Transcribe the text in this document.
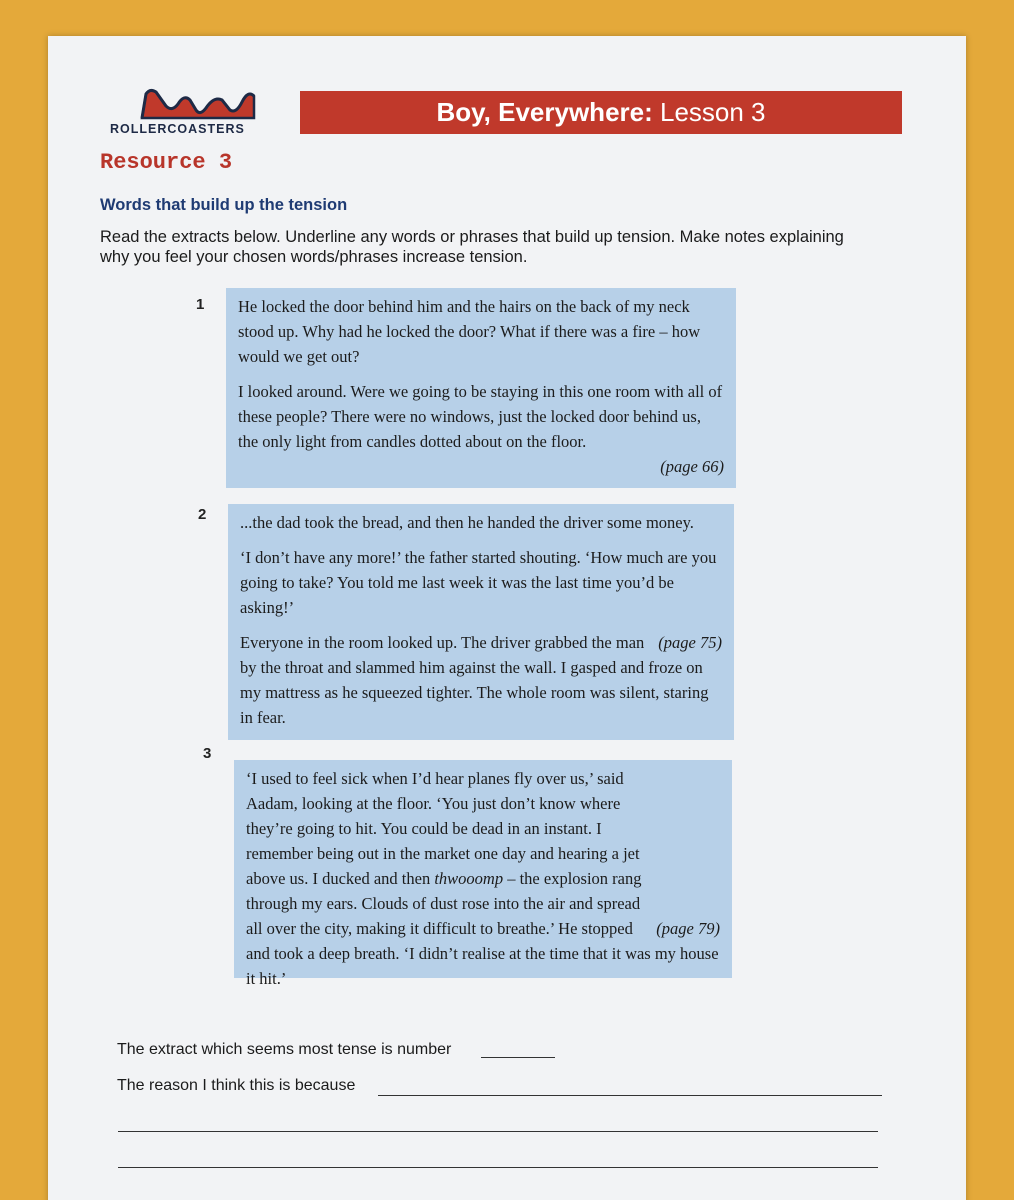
ROLLERCOASTERS
Boy, Everywhere: Lesson 3
Resource 3
Words that build up the tension
Read the extracts below. Underline any words or phrases that build up tension. Make notes explaining why you feel your chosen words/phrases increase tension.
1 He locked the door behind him and the hairs on the back of my neck stood up. Why had he locked the door? What if there was a fire – how would we get out?

I looked around. Were we going to be staying in this one room with all of these people? There were no windows, just the locked door behind us, the only light from candles dotted about on the floor.

(page 66)
2 ...the dad took the bread, and then he handed the driver some money.

‘I don’t have any more!’ the father started shouting. ‘How much are you going to take? You told me last week it was the last time you’d be asking!’

(page 75)
Everyone in the room looked up. The driver grabbed the man by the throat and slammed him against the wall. I gasped and froze on my mattress as he squeezed tighter. The whole room was silent, staring in fear.

3

(page 79)
‘I used to feel sick when I’d hear planes fly over us,’ said Aadam, looking at the floor. ‘You just don’t know where they’re going to hit. You could be dead in an instant. I remember being out in the market one day and hearing a jet above us. I ducked and then thwooomp – the explosion rang through my ears. Clouds of dust rose into the air and spread all over the city, making it difficult to breathe.’ He stopped and took a deep breath. ‘I didn’t realise at the time that it was my house it hit.’

The extract which seems most tense is number
The reason I think this is because
